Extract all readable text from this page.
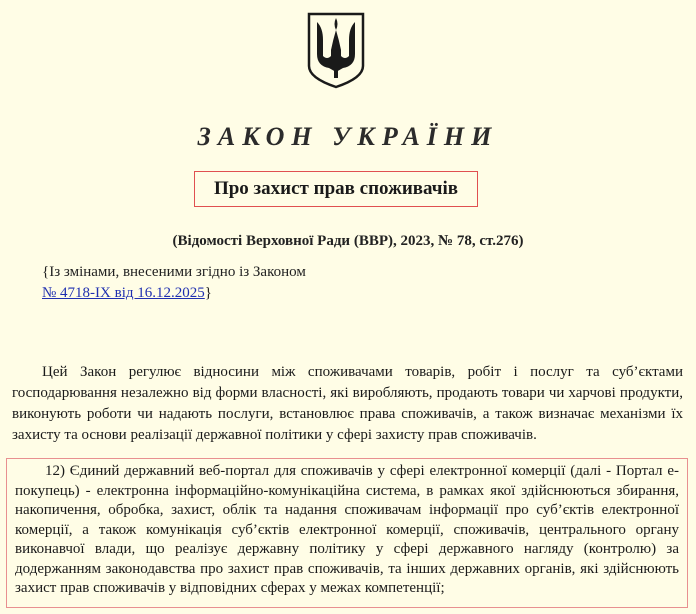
ЗАКОН УКРАЇНИ
Про захист прав споживачів
(Відомості Верховної Ради (ВВР), 2023, № 78, ст.276)
{Із змінами, внесеними згідно із Законом
№ 4718-IX від 16.12.2025}
Цей Закон регулює відносини між споживачами товарів, робіт і послуг та суб’єктами господарювання незалежно від форми власності, які виробляють, продають товари чи харчові продукти, виконують роботи чи надають послуги, встановлює права споживачів, а також визначає механізми їх захисту та основи реалізації державної політики у сфері захисту прав споживачів.

12) Єдиний державний веб-портал для споживачів у сфері електронної комерції (далі - Портал е-покупець) - електронна інформаційно-комунікаційна система, в рамках якої здійснюються збирання, накопичення, обробка, захист, облік та надання споживачам інформації про суб’єктів електронної комерції, а також комунікація суб’єктів електронної комерції, споживачів, центрального органу виконавчої влади, що реалізує державну політику у сфері державного нагляду (контролю) за додержанням законодавства про захист прав споживачів, та інших державних органів, які здійснюють захист прав споживачів у відповідних сферах у межах компетенції;
